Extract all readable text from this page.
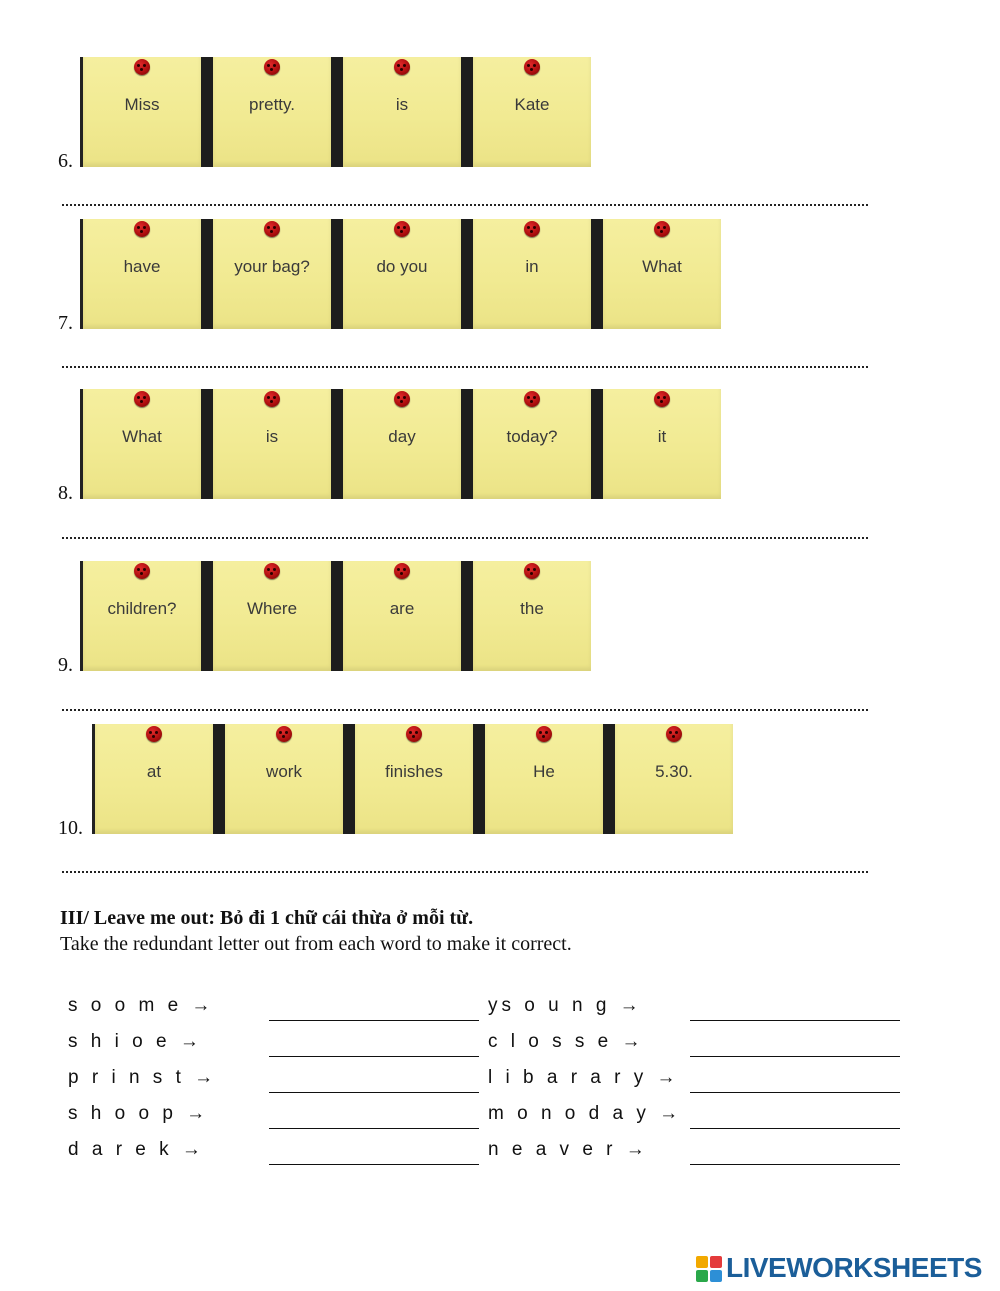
6.
Miss	pretty.	is	Kate
7.
have	your bag?	do you	in	What
8.
What	is	day	today?	it
9.
children?	Where	are	the
10.
at	work	finishes	He	5.30.
III/ Leave me out: Bỏ đi 1 chữ cái thừa ở mỗi từ.
Take the redundant letter out from each word to make it correct.
s o o m e →	ys o u n g →
s h i o e →	c l o s s e →
p r i n s t →	l i b a r a r y →
s h o o p →	m o n o d a y →
d a r e k →	n e a v e r →
LIVEWORKSHEETS
